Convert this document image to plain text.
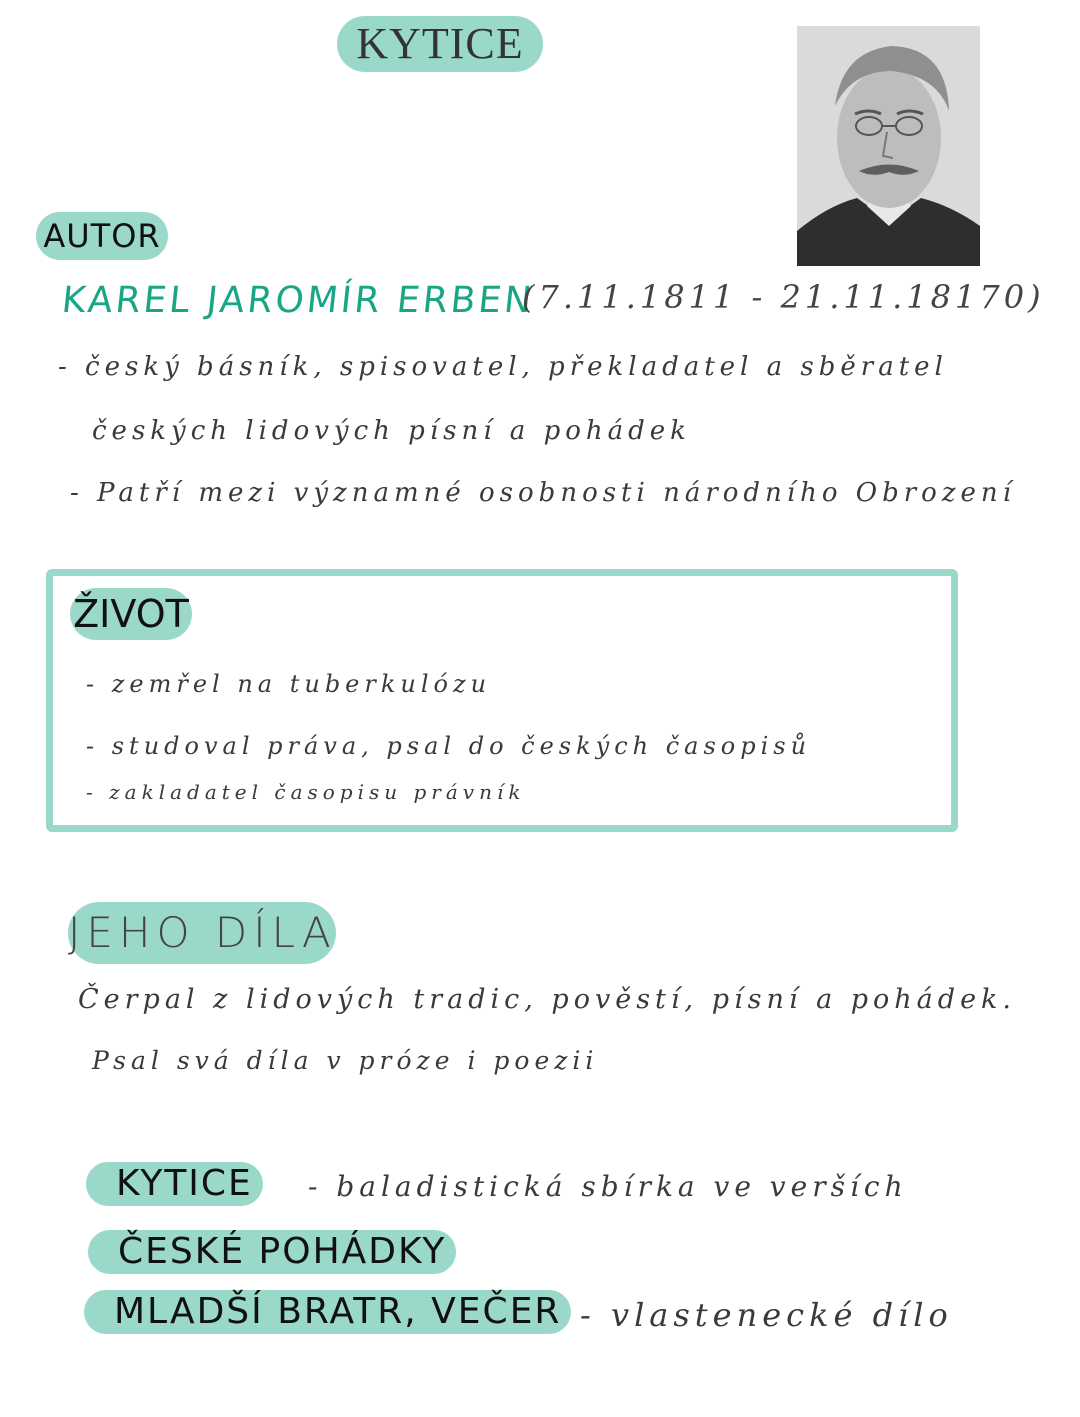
KYTICE
AUTOR
KAREL JAROMÍR ERBEN
(7.11.1811 - 21.11.18170)
- český básník, spisovatel, překladatel a sběratel
českých lidových písní a pohádek
- Patří mezi významné osobnosti národního Obrození
ŽIVOT
- zemřel na tuberkulózu
- studoval práva, psal do českých časopisů
- zakladatel časopisu právník
JEHO DÍLA
Čerpal z lidových tradic, pověstí, písní a pohádek.
Psal svá díla v próze i poezii
KYTICE	- baladistická sbírka ve verších
ČESKÉ POHÁDKY
MLADŠÍ BRATR, VEČER - vlastenecké dílo
